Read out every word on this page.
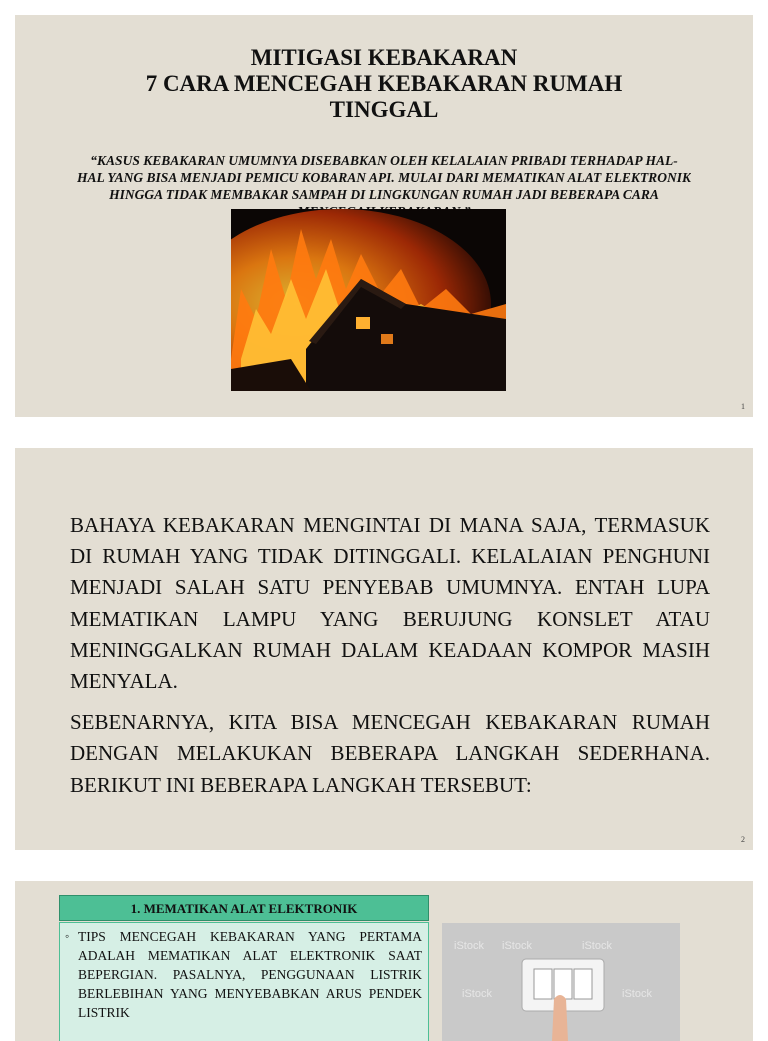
MITIGASI KEBAKARAN
7 CARA MENCEGAH KEBAKARAN RUMAH
TINGGAL
“KASUS KEBAKARAN UMUMNYA DISEBABKAN OLEH KELALAIAN PRIBADI TERHADAP HAL-HAL YANG BISA MENJADI PEMICU KOBARAN API. MULAI DARI MEMATIKAN ALAT ELEKTRONIK HINGGA TIDAK MEMBAKAR SAMPAH DI LINGKUNGAN RUMAH JADI BEBERAPA CARA
1

BAHAYA KEBAKARAN MENGINTAI DI MANA SAJA, TERMASUK DI RUMAH YANG TIDAK DITINGGALI. KELALAIAN PENGHUNI MENJADI SALAH SATU PENYEBAB UMUMNYA. ENTAH LUPA MEMATIKAN LAMPU YANG BERUJUNG KONSLET ATAU MENINGGALKAN RUMAH DALAM KEADAAN KOMPOR MASIH MENYALA.

SEBENARNYA, KITA BISA MENCEGAH KEBAKARAN RUMAH DENGAN MELAKUKAN BEBERAPA LANGKAH SEDERHANA. BERIKUT INI BEBERAPA LANGKAH TERSEBUT:

2
1. MEMATIKAN ALAT ELEKTRONIK
◦ TIPS MENCEGAH KEBAKARAN YANG PERTAMA ADALAH MEMATIKAN ALAT ELEKTRONIK SAAT BEPERGIAN. PASALNYA, PENGGUNAAN LISTRIK BERLEBIHAN YANG MENYEBABKAN ARUS PENDEK LISTRIK
iStock iStock	iStock
iStock	iStock
